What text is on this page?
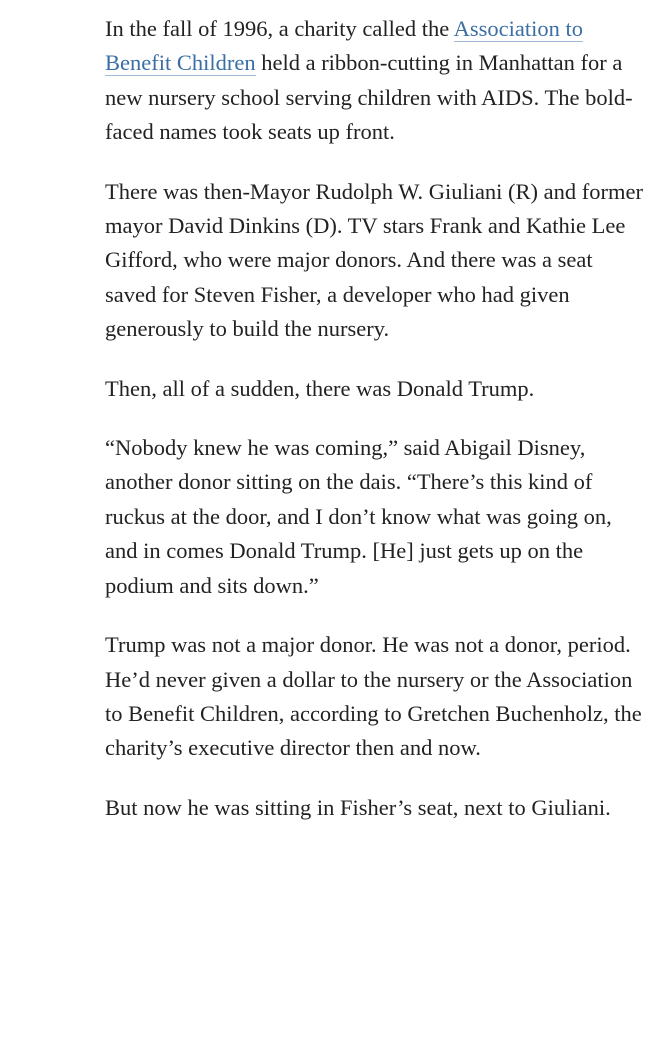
In the fall of 1996, a charity called the Association to Benefit Children held a ribbon-cutting in Manhattan for a new nursery school serving children with AIDS. The bold-faced names took seats up front.

There was then-Mayor Rudolph W. Giuliani (R) and former mayor David Dinkins (D). TV stars Frank and Kathie Lee Gifford, who were major donors. And there was a seat saved for Steven Fisher, a developer who had given generously to build the nursery.

Then, all of a sudden, there was Donald Trump.

“Nobody knew he was coming,” said Abigail Disney, another donor sitting on the dais. “There’s this kind of ruckus at the door, and I don’t know what was going on, and in comes Donald Trump. [He] just gets up on the podium and sits down.”

Trump was not a major donor. He was not a donor, period. He’d never given a dollar to the nursery or the Association to Benefit Children, according to Gretchen Buchenholz, the charity’s executive director then and now.

But now he was sitting in Fisher’s seat, next to Giuliani.
